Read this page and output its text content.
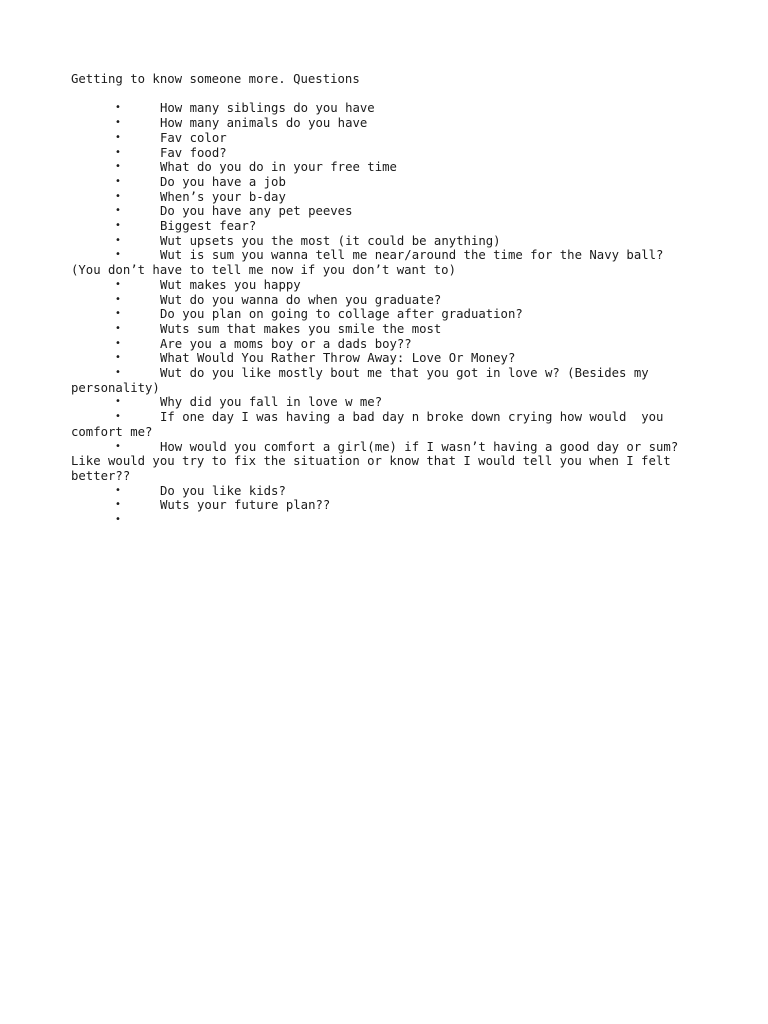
Getting to know someone more. Questions
•	How many siblings do you have
•	How many animals do you have
•	Fav color
•	Fav food?
•	What do you do in your free time
•	Do you have a job
•	When’s your b-day
•	Do you have any pet peeves
•	Biggest fear?
•	Wut upsets you the most (it could be anything)
•	Wut is sum you wanna tell me near/around the time for the Navy ball? (You don’t have to tell me now if you don’t want to)
•	Wut makes you happy
•	Wut do you wanna do when you graduate?
•	Do you plan on going to collage after graduation?
•	Wuts sum that makes you smile the most
•	Are you a moms boy or a dads boy??
•	What Would You Rather Throw Away: Love Or Money?
•	Wut do you like mostly bout me that you got in love w? (Besides my personality)
•	Why did you fall in love w me?
•	If one day I was having a bad day n broke down crying how would  you comfort me?
•	How would you comfort a girl(me) if I wasn’t having a good day or sum? Like would you try to fix the situation or know that I would tell you when I felt better??
•	Do you like kids?
•	Wuts your future plan??
•
